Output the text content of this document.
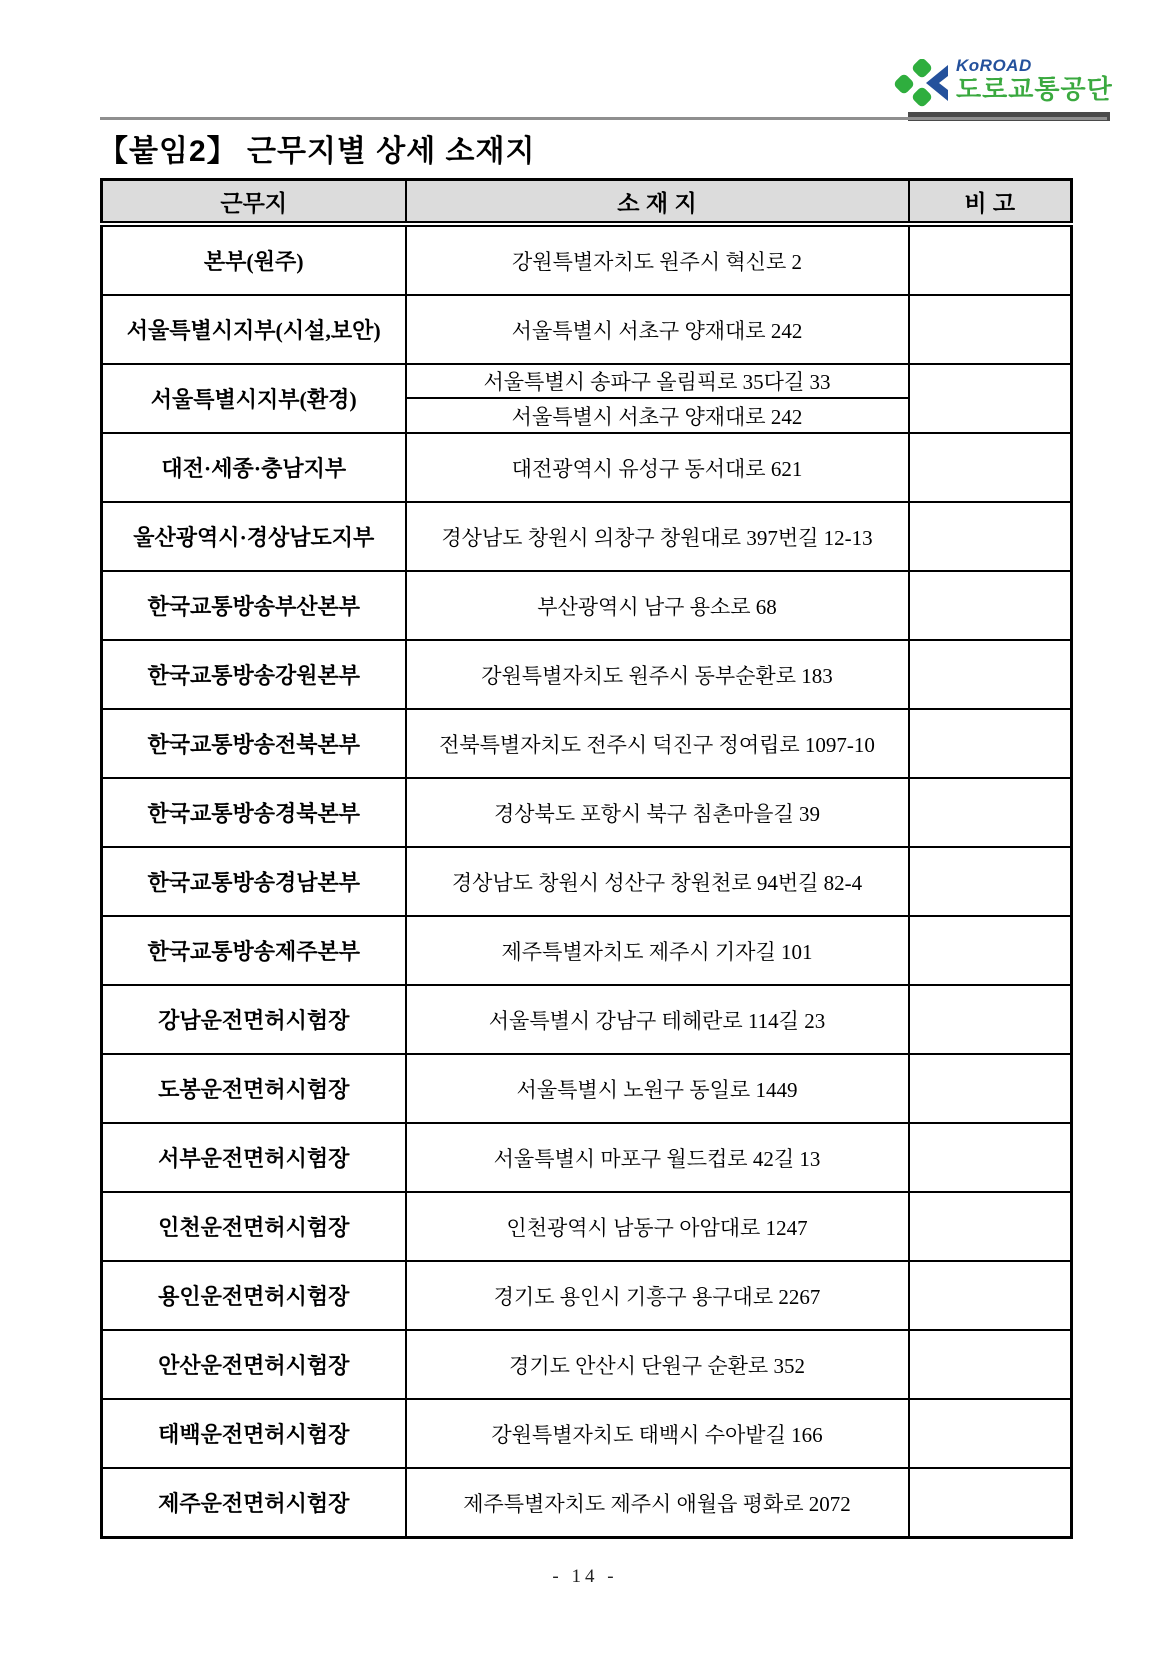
KoROAD
도로교통공단
【붙임2】 근무지별 상세 소재지
근무지	소 재 지	비 고
본부(원주)	강원특별자치도 원주시 혁신로 2	
서울특별시지부(시설,보안)	서울특별시 서초구 양재대로 242	
서울특별시지부(환경)	서울특별시 송파구 올림픽로 35다길 33
서울특별시 서초구 양재대로 242	

대전·세종·충남지부	대전광역시 유성구 동서대로 621	
울산광역시·경상남도지부	경상남도 창원시 의창구 창원대로 397번길 12-13	
한국교통방송부산본부	부산광역시 남구 용소로 68	
한국교통방송강원본부	강원특별자치도 원주시 동부순환로 183	
한국교통방송전북본부	전북특별자치도 전주시 덕진구 정여립로 1097-10	
한국교통방송경북본부	경상북도 포항시 북구 침촌마을길 39	
한국교통방송경남본부	경상남도 창원시 성산구 창원천로 94번길 82-4	
한국교통방송제주본부	제주특별자치도 제주시 기자길 101	
강남운전면허시험장	서울특별시 강남구 테헤란로 114길 23	
도봉운전면허시험장	서울특별시 노원구 동일로 1449	
서부운전면허시험장	서울특별시 마포구 월드컵로 42길 13	
인천운전면허시험장	인천광역시 남동구 아암대로 1247	
용인운전면허시험장	경기도 용인시 기흥구 용구대로 2267	
안산운전면허시험장	경기도 안산시 단원구 순환로 352	
태백운전면허시험장	강원특별자치도 태백시 수아밭길 166	
제주운전면허시험장	제주특별자치도 제주시 애월읍 평화로 2072	
- 14 -
